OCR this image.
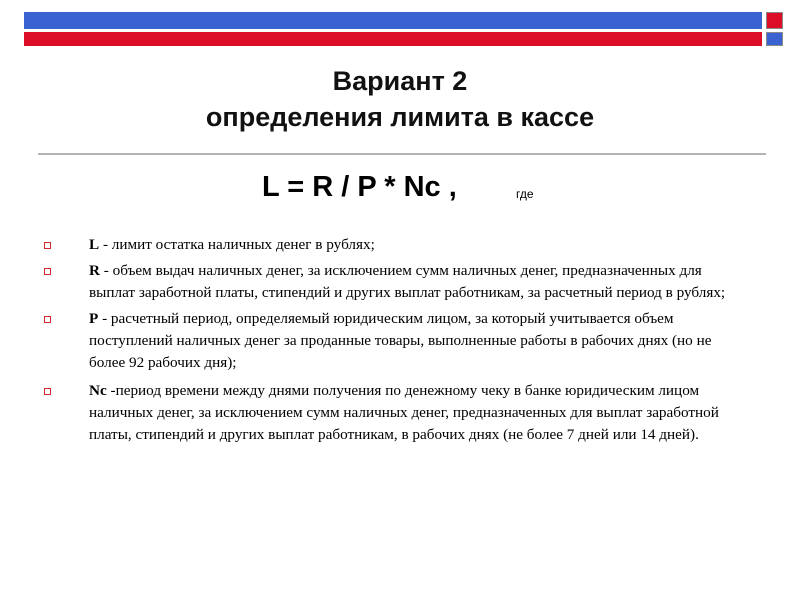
Вариант 2
определения лимита в кассе
L = R / P * Nc ,	где
L - лимит остатка наличных денег в рублях;
R - объем выдач наличных денег, за исключением сумм наличных денег, предназначенных для выплат заработной платы, стипендий и других выплат работникам, за расчетный период в рублях;
P - расчетный период, определяемый юридическим лицом, за который учитывается объем поступлений наличных денег за проданные товары, выполненные работы в рабочих днях (но не более 92 рабочих дня);
Nc -период времени между днями получения по денежному чеку в банке юридическим лицом наличных денег, за исключением сумм наличных денег, предназначенных для выплат заработной платы, стипендий и других выплат работникам, в рабочих днях (не более 7 дней или 14 дней).
